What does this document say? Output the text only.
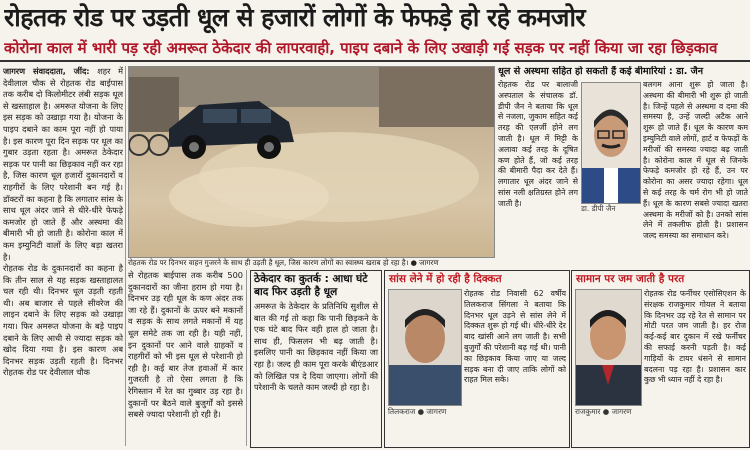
रोहतक रोड पर उड़ती धूल से हजारों लोगों के फेफड़े हो रहे कमजोर
कोरोना काल में भारी पड़ रही अमरूत ठेकेदार की लापरवाही, पाइप दबाने के लिए उखाड़ी गई सड़क पर नहीं किया जा रहा छिड़काव
जागरण संवाददाता, जींद: शहर में देवीलाल चौक से रोहतक रोड बाईपास तक करीब दो किलोमीटर लंबी सड़क धूल से खस्ताहाल है। अमरूत योजना के लिए इस सड़क को उखाड़ा गया है। योजना के पाइप दबाने का काम पूरा नहीं हो पाया है। इस कारण पूरा दिन सड़क पर धूल का गुबार उड़ता रहता है। अमरूत ठेकेदार सड़क पर पानी का छिड़काव नहीं कर रहा है, जिस कारण धूल हजारों दुकानदारों व राहगीरों के लिए परेशानी बन गई है। डॉक्टरों का कहना है कि लगातार सांस के साथ धूल अंदर जाने से धीरे-धीरे फेफड़े कमजोर हो जाते हैं और अस्थमा की बीमारी भी हो जाती है। कोरोना काल में कम इम्युनिटी वालों के लिए बड़ा खतरा है।
रोहतक रोड के दुकानदारों का कहना है कि तीन साल से यह सड़क खस्ताहालत चल रही थी। दिनभर धूल उड़ती रहती थी। अब बाजार से पहले सीवरेज की लाइन दबाने के लिए सड़क को उखाड़ा गया। फिर अमरूत योजना के बड़े पाइप दबाने के लिए आधी से ज्यादा सड़क को खोद दिया गया है। इस कारण अब दिनभर सड़क उड़ती रहती है। दिनभर रोहतक रोड पर देवीलाल चौक
रोहतक रोड पर दिनभर वाहन गुजरने के साथ ही उड़ती है धूल, जिस कारण लोगों का स्वास्थ्य खराब हो रहा है। ● जागरण
से रोहतक बाईपास तक करीब 500 दुकानदारों का जीना हराम हो गया है। दिनभर उड़ रही धूल के कण अंदर तक जा रहे हैं। दुकानों के ऊपर बने मकानों व सड़क के साथ लगते मकानों में यह धूल समेटे तक जा रही है। यही नहीं, इन दुकानों पर आने वाले ग्राहकों व राहगीरों को भी इस धूल से परेशानी हो रही है। कई बार तेज हवाओं में कार गुजरती है तो ऐसा लगता है कि रेगिस्तान में रेत का गुब्बार उड़ रहा है। दुकानों पर बैठने वाले बुजुर्गों को इससे सबसे ज्यादा परेशानी हो रही है।
ठेकेदार का कुतर्क : आधा घंटे बाद फिर उड़ती है धूल
अमरूत के ठेकेदार के प्रतिनिधि सुशील से बात की गई तो कहा कि पानी छिड़कने के एक घंटे बाद फिर वही हाल हो जाता है। साथ ही, फिसलन भी बढ़ जाती है। इसलिए पानी का छिड़काव नहीं किया जा रहा है। जल्द ही काम पूरा करके बीएंडआर को लिखित पत्र दे दिया जाएगा। लोगों की परेशानी के चलते काम जल्दी हो रहा है।
धूल से अस्थमा सहित हो सकती हैं कई बीमारियां : डा. जैन
रोहतक रोड पर बालाजी अस्पताल के संचालक डॉ. डीपी जैन ने बताया कि धूल से नजला, जुकाम सहित कई तरह की एलर्जी होने लग जाती है। धूल में मिट्टी के अलावा कई तरह के दूषित कण होते हैं, जो कई तरह की बीमारी पैदा कर देते हैं। लगातार धूल अंदर जाने से सांस नली क्षतिग्रस्त होने लग जाती है।
डा. डीपी जैन
बलगम आना शुरू हो जाता है। अस्थमा की बीमारी भी शुरू हो जाती है। जिन्हें पहले से अस्थमा व दमा की समस्या है, उन्हें जल्दी अटैक आने शुरू हो जाते हैं। धूल के कारण कम इम्युनिटी वाले लोगों, हार्ट व फेफड़ों के मरीजों की समस्या ज्यादा बढ़ जाती है। कोरोना काल में धूल से जिनके फेफड़े कमजोर हो रहे हैं, उन पर कोरोना का असर ज्यादा रहेगा। धूल से कई तरह के चर्म रोग भी हो जाते हैं। धूल के कारण सबसे ज्यादा खतरा अस्थमा के मरीजों को है। उनको सांस लेने में तकलीफ होती है। प्रशासन जल्द समस्या का समाधान करे।
सांस लेने में हो रही है दिक्कत
तिलकराज ● जागरण
रोहतक रोड निवासी 62 वर्षीय तिलकराज सिंगला ने बताया कि दिनभर धूल उड़ने से सांस लेने में दिक्कत शुरू हो गई थी। धीरे-धीरे देर बाद खांसी आने लग जाती है। सभी बुजुर्गों की परेशानी बढ़ गई थी। पानी का छिड़काव किया जाए या जल्द सड़क बना दी जाए ताकि लोगों को राहत मिल सके।
सामान पर जम जाती है परत
राजकुमार ● जागरण
रोहतक रोड फर्नीचर एसोसिएशन के संरक्षक राजकुमार गोयल ने बताया कि दिनभर उड़ रहे रेत से सामान पर मोटी परत जम जाती है। हर रोज कई-कई बार दुकान में रखे फर्नीचर की सफाई करनी पड़ती है। कई गाड़ियों के टायर धंसने से सामान बदलना पड़ रहा है। प्रशासन कार कुछ भी ध्यान नहीं दे रहा है।
